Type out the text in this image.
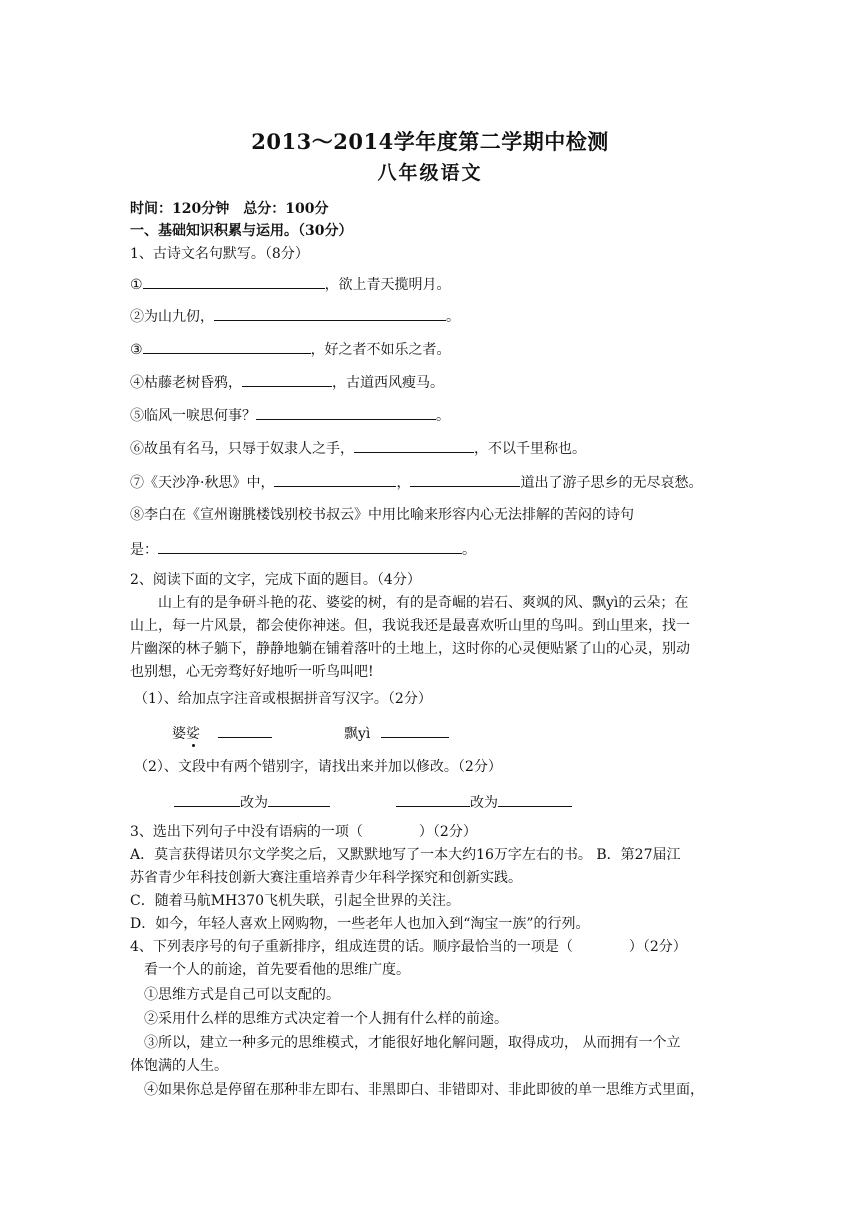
2013～2014学年度第二学期中检测
八年级语文
时间：120分钟　总分：100分
一、基础知识积累与运用。（30分）
1、古诗文名句默写。（8分）
①	，欲上青天揽明月。
②为山九仞，	。
③	，好之者不如乐之者。
④枯藤老树昏鸦，	，古道西风瘦马。
⑤临风一唳思何事？	。
⑥故虽有名马，只辱于奴隶人之手，	，不以千里称也。
⑦《天沙净·秋思》中，	，	道出了游子思乡的无尽哀愁。
⑧李白在《宣州谢朓楼饯别校书叔云》中用比喻来形容内心无法排解的苦闷的诗句
是：	。
2、阅读下面的文字，完成下面的题目。（4分）
　　山上有的是争研斗艳的花、婆娑的树，有的是奇崛的岩石、爽飒的风、飘yì的云朵；在
山上，每一片风景，都会使你神迷。但，我说我还是最喜欢听山里的鸟叫。到山里来，找一
片幽深的林子躺下，静静地躺在铺着落叶的土地上，这时你的心灵便贴紧了山的心灵，别动
也别想，心无旁骛好好地听一听鸟叫吧!
（1）、给加点字注音或根据拼音写汉字。（2分）
婆娑	飘yì
（2）、文段中有两个错别字，请找出来并加以修改。（2分）
改为	改为
3、选出下列句子中没有语病的一项（　　　　）（2分）
A．莫言获得诺贝尔文学奖之后，又默默地写了一本大约16万字左右的书。 B．第27届江
苏省青少年科技创新大赛注重培养青少年科学探究和创新实践。
C．随着马航MH370飞机失联，引起全世界的关注。
D．如今，年轻人喜欢上网购物，一些老年人也加入到“淘宝一族”的行列。
4、下列表序号的句子重新排序，组成连贯的话。顺序最恰当的一项是（　　　　）（2分）
　看一个人的前途，首先要看他的思维广度。
　①思维方式是自己可以支配的。
　②采用什么样的思维方式决定着一个人拥有什么样的前途。
　③所以，建立一种多元的思维模式，才能很好地化解问题，取得成功， 从而拥有一个立
体饱满的人生。
　④如果你总是停留在那种非左即右、非黑即白、非错即对、非此即彼的单一思维方式里面，
